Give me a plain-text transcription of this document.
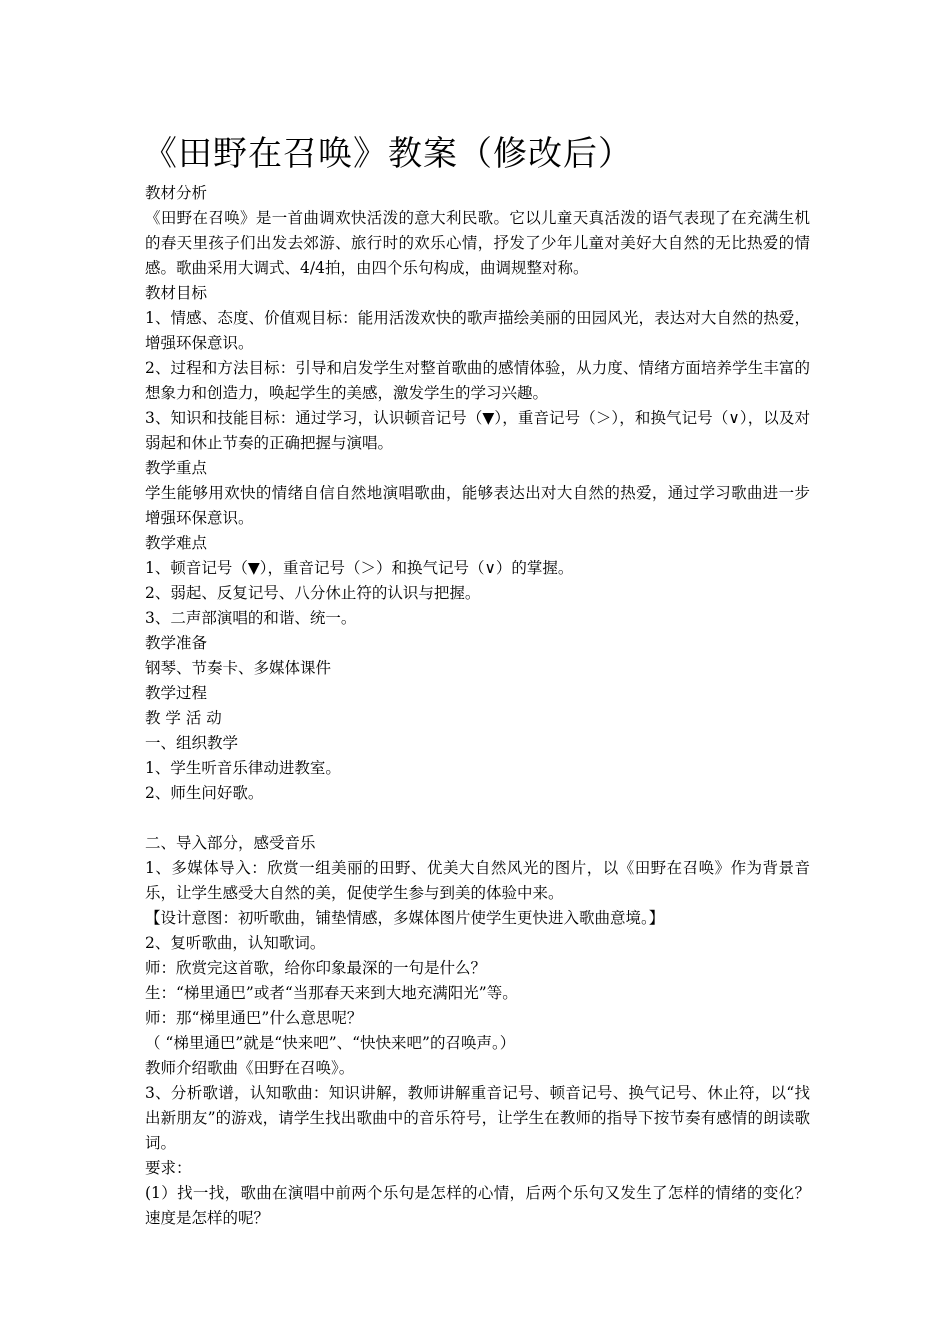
《田野在召唤》教案（修改后）

教材分析

《田野在召唤》是一首曲调欢快活泼的意大利民歌。它以儿童天真活泼的语气表现了在充满生机的春天里孩子们出发去郊游、旅行时的欢乐心情，抒发了少年儿童对美好大自然的无比热爱的情感。歌曲采用大调式、4/4拍，由四个乐句构成，曲调规整对称。

教材目标

1、情感、态度、价值观目标：能用活泼欢快的歌声描绘美丽的田园风光，表达对大自然的热爱，增强环保意识。

2、过程和方法目标：引导和启发学生对整首歌曲的感情体验，从力度、情绪方面培养学生丰富的想象力和创造力，唤起学生的美感，激发学生的学习兴趣。

3、知识和技能目标：通过学习，认识顿音记号（▼），重音记号（＞），和换气记号（∨），以及对弱起和休止节奏的正确把握与演唱。

教学重点

学生能够用欢快的情绪自信自然地演唱歌曲，能够表达出对大自然的热爱，通过学习歌曲进一步增强环保意识。

教学难点

1、顿音记号（▼），重音记号（＞）和换气记号（∨）的掌握。

2、弱起、反复记号、八分休止符的认识与把握。

3、二声部演唱的和谐、统一。

教学准备

钢琴、节奏卡、多媒体课件

教学过程

教 学 活 动

一、组织教学

1、学生听音乐律动进教室。

2、师生问好歌。

二、导入部分，感受音乐

1、多媒体导入：欣赏一组美丽的田野、优美大自然风光的图片，以《田野在召唤》作为背景音乐，让学生感受大自然的美，促使学生参与到美的体验中来。

【设计意图：初听歌曲，铺垫情感，多媒体图片使学生更快进入歌曲意境。】

2、复听歌曲，认知歌词。

师：欣赏完这首歌，给你印象最深的一句是什么？

生：“梯里通巴”或者“当那春天来到大地充满阳光”等。

师：那“梯里通巴”什么意思呢？

（ “梯里通巴”就是“快来吧”、“快快来吧”的召唤声。）

教师介绍歌曲《田野在召唤》。

3、分析歌谱，认知歌曲：知识讲解，教师讲解重音记号、顿音记号、换气记号、休止符，以“找出新朋友”的游戏，请学生找出歌曲中的音乐符号，让学生在教师的指导下按节奏有感情的朗读歌词。

要求：

(1）找一找，歌曲在演唱中前两个乐句是怎样的心情，后两个乐句又发生了怎样的情绪的变化？速度是怎样的呢？
